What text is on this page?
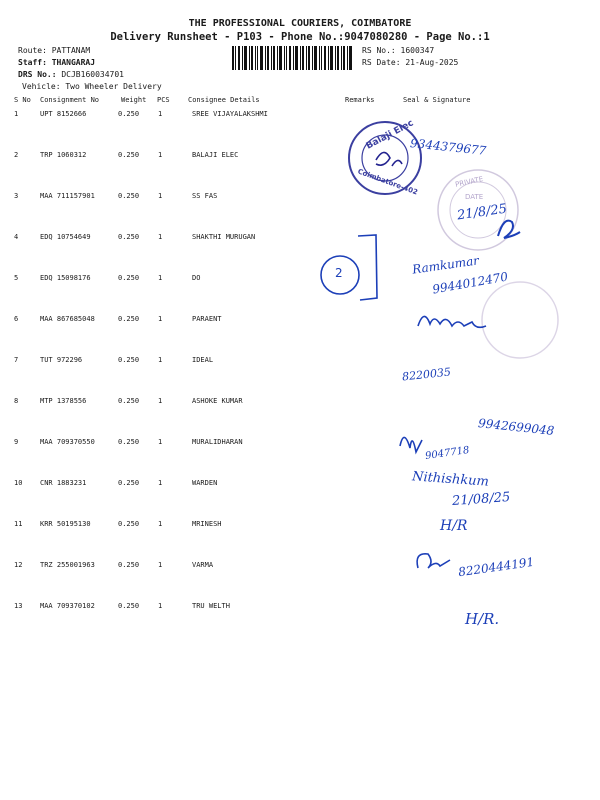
THE PROFESSIONAL COURIERS, COIMBATORE
Delivery Runsheet - P103 - Phone No.:9047080280 - Page No.:1
Route: PATTANAM
Staff: THANGARAJ
DRS No.: DCJB160034701
Vehicle: Two Wheeler Delivery
RS No.: 1600347
RS Date: 21-Aug-2025
S No Consignment No	Weight PCS	Consignee Details	Remarks	Seal & Signature
1	UPT 8152666	0.250	1	SREE VIJAYALAKSHMI
2	TRP 1060312	0.250	1	BALAJI ELEC
3	MAA 711157901	0.250	1	SS FAS
4	EDQ 10754649	0.250	1	SHAKTHI MURUGAN
5	EDQ 15098176	0.250	1	DO
6	MAA 867685048	0.250	1	PARAENT
7	TUT 972296	0.250	1	IDEAL
8	MTP 1378556	0.250	1	ASHOKE KUMAR
9	MAA 709370550	0.250	1	MURALIDHARAN
10	CNR 1883231	0.250	1	WARDEN
11	KRR 50195130	0.250	1	MRINESH
12	TRZ 255001963	0.250	1	VARMA
13	MAA 709370102	0.250	1	TRU WELTH
Balaji Elec
Coimbatore-402	PRIVATE
DATE
9344379677
21/8/25
2	Ramkumar
9944012470
8220035
9942699048
9047718
Nithishkum
21/08/25
H/R
8220444191
H/R.
